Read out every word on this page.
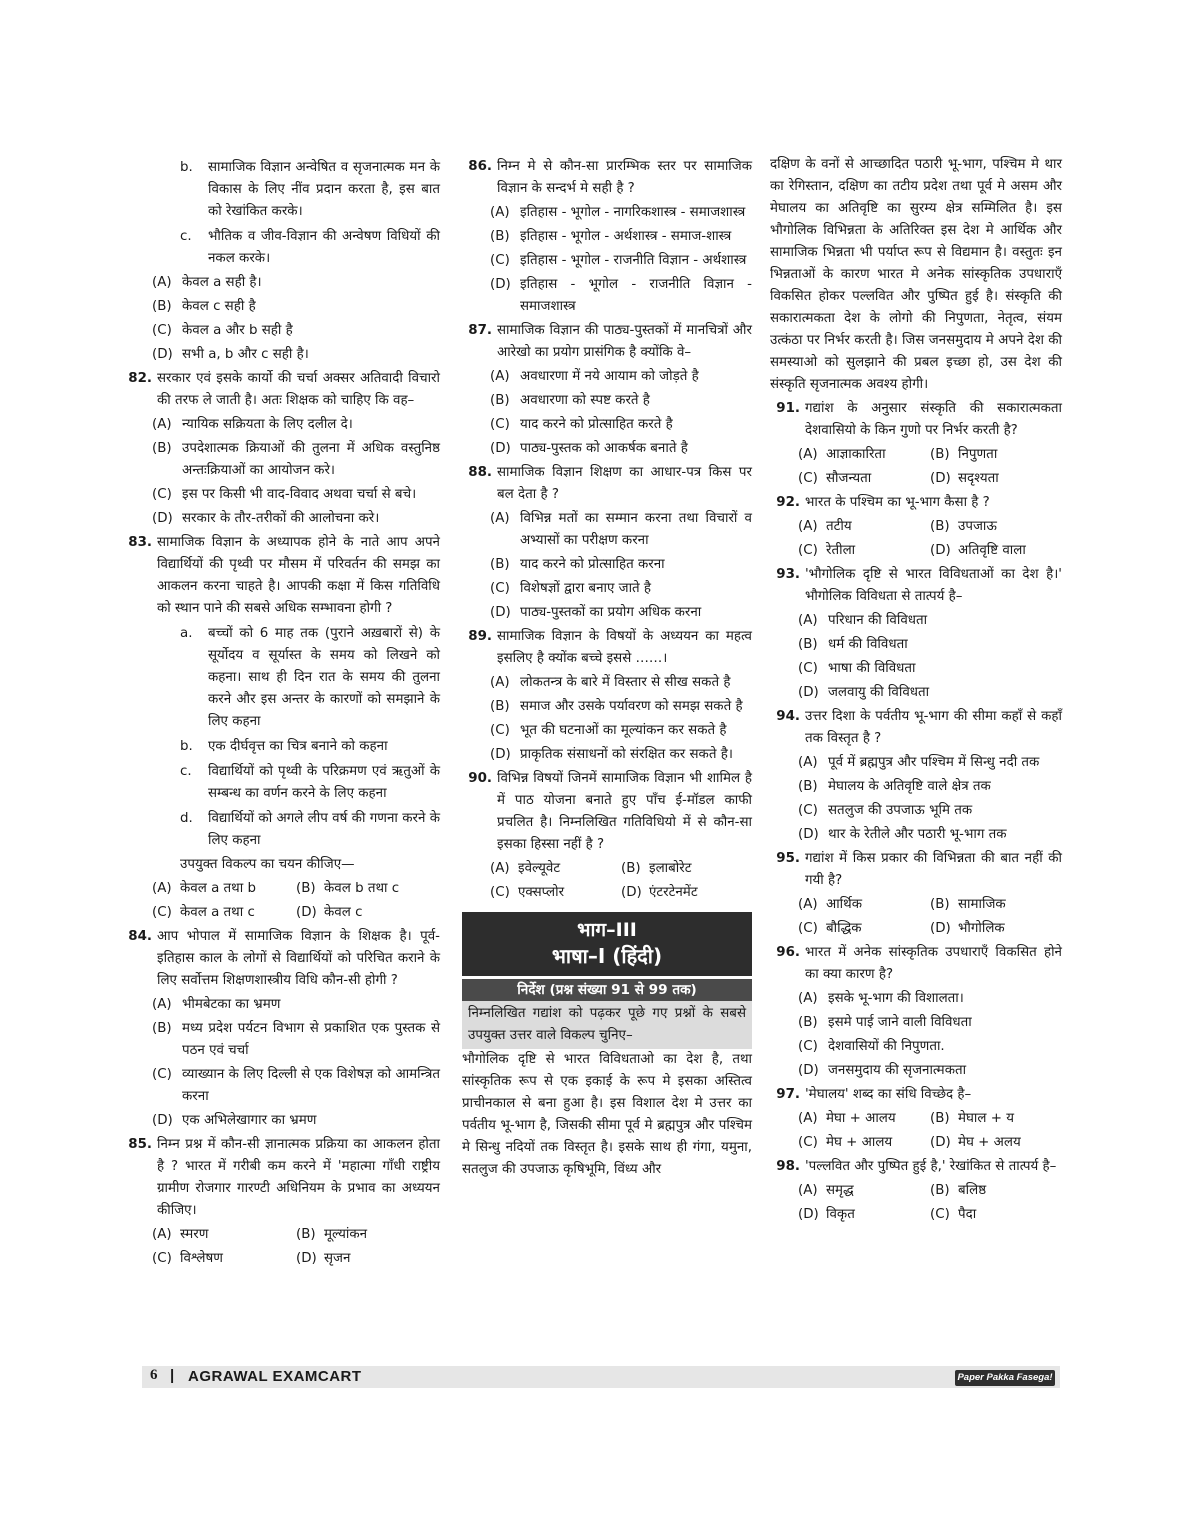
b.	सामाजिक विज्ञान अन्वेषित व सृजनात्मक मन के विकास के लिए नींव प्रदान करता है, इस बात को रेखांकित करके।
c.	भौतिक व जीव-विज्ञान की अन्वेषण विधियों की नकल करके।
(A) केवल a सही है।
(B) केवल c सही है
(C) केवल a और b सही है
(D) सभी a, b और c सही है।
82. सरकार एवं इसके कार्यो की चर्चा अक्सर अतिवादी विचारो की तरफ ले जाती है। अतः शिक्षक को चाहिए कि वह–
(A) न्यायिक सक्रियता के लिए दलील दे।
(B) उपदेशात्मक क्रियाओं की तुलना में अधिक वस्तुनिष्ठ अन्तःक्रियाओं का आयोजन करे।
(C) इस पर किसी भी वाद-विवाद अथवा चर्चा से बचे।
(D) सरकार के तौर-तरीकों की आलोचना करे।
83. सामाजिक विज्ञान के अध्यापक होने के नाते आप अपने विद्यार्थियों की पृथ्वी पर मौसम में परिवर्तन की समझ का आकलन करना चाहते है। आपकी कक्षा में किस गतिविधि को स्थान पाने की सबसे अधिक सम्भावना होगी ?
a.	बच्चों को 6 माह तक (पुराने अख़बारों से) के सूर्योदय व सूर्यास्त के समय को लिखने को कहना। साथ ही दिन रात के समय की तुलना करने और इस अन्तर के कारणों को समझाने के लिए कहना
b.	एक दीर्घवृत्त का चित्र बनाने को कहना
c.	विद्यार्थियों को पृथ्वी के परिक्रमण एवं ऋतुओं के सम्बन्ध का वर्णन करने के लिए कहना
d.	विद्यार्थियों को अगले लीप वर्ष की गणना करने के लिए कहना
उपयुक्त विकल्प का चयन कीजिए—
(A) केवल a तथा b	(B) केवल b तथा c
(C) केवल a तथा c	(D) केवल c
84. आप भोपाल में सामाजिक विज्ञान के शिक्षक है। पूर्व-इतिहास काल के लोगों से विद्यार्थियों को परिचित कराने के लिए सर्वोत्तम शिक्षणशास्त्रीय विधि कौन-सी होगी ?
(A) भीमबेटका का भ्रमण
(B) मध्य प्रदेश पर्यटन विभाग से प्रकाशित एक पुस्तक से पठन एवं चर्चा
(C) व्याख्यान के लिए दिल्ली से एक विशेषज्ञ को आमन्त्रित करना
(D) एक अभिलेखागार का भ्रमण
85. निम्न प्रश्न में कौन-सी ज्ञानात्मक प्रक्रिया का आकलन होता है ? भारत में गरीबी कम करने में 'महात्मा गाँधी राष्ट्रीय ग्रामीण रोजगार गारण्टी अधिनियम के प्रभाव का अध्ययन कीजिए।
(A) स्मरण	(B) मूल्यांकन
(C) विश्लेषण	(D) सृजन
86. निम्न मे से कौन-सा प्रारम्भिक स्तर पर सामाजिक विज्ञान के सन्दर्भ मे सही है ?
(A) इतिहास - भूगोल - नागरिकशास्त्र - समाजशास्त्र
(B) इतिहास - भूगोल - अर्थशास्त्र - समाज-शास्त्र
(C) इतिहास - भूगोल - राजनीति विज्ञान - अर्थशास्त्र
(D) इतिहास - भूगोल - राजनीति विज्ञान - समाजशास्त्र
87. सामाजिक विज्ञान की पाठ्य-पुस्तकों में मानचित्रों और आरेखो का प्रयोग प्रासंगिक है क्योंकि वे–
(A) अवधारणा में नये आयाम को जोड़ते है
(B) अवधारणा को स्पष्ट करते है
(C) याद करने को प्रोत्साहित करते है
(D) पाठ्य-पुस्तक को आकर्षक बनाते है
88. सामाजिक विज्ञान शिक्षण का आधार-पत्र किस पर बल देता है ?
(A) विभिन्न मतों का सम्मान करना तथा विचारों व अभ्यासों का परीक्षण करना
(B) याद करने को प्रोत्साहित करना
(C) विशेषज्ञों द्वारा बनाए जाते है
(D) पाठ्य-पुस्तकों का प्रयोग अधिक करना
89. सामाजिक विज्ञान के विषयों के अध्ययन का महत्व इसलिए है क्योंक बच्चे इससे ……।
(A) लोकतन्त्र के बारे में विस्तार से सीख सकते है
(B) समाज और उसके पर्यावरण को समझ सकते है
(C) भूत की घटनाओं का मूल्यांकन कर सकते है
(D) प्राकृतिक संसाधनों को संरक्षित कर सकते है।
90. विभिन्न विषयों जिनमें सामाजिक विज्ञान भी शामिल है में पाठ योजना बनाते हुए पाँच ई-मॉडल काफी प्रचलित है। निम्नलिखित गतिविधियो में से कौन-सा इसका हिस्सा नहीं है ?
(A) इवेल्यूवेट	(B) इलाबोरेट
(C) एक्सप्लोर	(D) एंटरटेनमेंट
भाग–III
भाषा–I (हिंदी)
निर्देश (प्रश्न संख्या 91 से 99 तक)
निम्नलिखित गद्यांश को पढ़कर पूछे गए प्रश्नों के सबसे उपयुक्त उत्तर वाले विकल्प चुनिए–
भौगोलिक दृष्टि से भारत विविधताओ का देश है, तथा सांस्कृतिक रूप से एक इकाई के रूप मे इसका अस्तित्व प्राचीनकाल से बना हुआ है। इस विशाल देश मे उत्तर का पर्वतीय भू-भाग है, जिसकी सीमा पूर्व मे ब्रह्मपुत्र और पश्चिम मे सिन्धु नदियों तक विस्तृत है। इसके साथ ही गंगा, यमुना, सतलुज की उपजाऊ कृषिभूमि, विंध्य और
दक्षिण के वनों से आच्छादित पठारी भू-भाग, पश्चिम मे थार का रेगिस्तान, दक्षिण का तटीय प्रदेश तथा पूर्व मे असम और मेघालय का अतिवृष्टि का सुरम्य क्षेत्र सम्मिलित है। इस भौगोलिक विभिन्नता के अतिरिक्त इस देश मे आर्थिक और सामाजिक भिन्नता भी पर्याप्त रूप से विद्यमान है। वस्तुतः इन भिन्नताओं के कारण भारत मे अनेक सांस्कृतिक उपधाराएँ विकसित होकर पल्लवित और पुष्पित हुई है। संस्कृति की सकारात्मकता देश के लोगो की निपुणता, नेतृत्व, संयम उत्कंठा पर निर्भर करती है। जिस जनसमुदाय मे अपने देश की समस्याओ को सुलझाने की प्रबल इच्छा हो, उस देश की संस्कृति सृजनात्मक अवश्य होगी।
91. गद्यांश के अनुसार संस्कृति की सकारात्मकता देशवासियो के किन गुणो पर निर्भर करती है?
(A) आज्ञाकारिता	(B) निपुणता
(C) सौजन्यता	(D) सदृश्यता
92. भारत के पश्चिम का भू-भाग कैसा है ?
(A) तटीय	(B) उपजाऊ
(C) रेतीला	(D) अतिवृष्टि वाला
93. 'भौगोलिक दृष्टि से भारत विविधताओं का देश है।' भौगोलिक विविधता से तात्पर्य है–
(A) परिधान की विविधता
(B) धर्म की विविधता
(C) भाषा की विविधता
(D) जलवायु की विविधता
94. उत्तर दिशा के पर्वतीय भू-भाग की सीमा कहाँ से कहाँ तक विस्तृत है ?
(A) पूर्व में ब्रह्मपुत्र और पश्चिम में सिन्धु नदी तक
(B) मेघालय के अतिवृष्टि वाले क्षेत्र तक
(C) सतलुज की उपजाऊ भूमि तक
(D) थार के रेतीले और पठारी भू-भाग तक
95. गद्यांश में किस प्रकार की विभिन्नता की बात नहीं की गयी है?
(A) आर्थिक	(B) सामाजिक
(C) बौद्धिक	(D) भौगोलिक
96. भारत में अनेक सांस्कृतिक उपधाराएँ विकसित होने का क्या कारण है?
(A) इसके भू-भाग की विशालता।
(B) इसमे पाई जाने वाली विविधता
(C) देशवासियों की निपुणता.
(D) जनसमुदाय की सृजनात्मकता
97. 'मेघालय' शब्द का संधि विच्छेद है–
(A) मेघा + आलय	(B) मेघाल + य
(C) मेघ + आलय	(D) मेघ + अलय
98. 'पल्लवित और पुष्पित हुई है,' रेखांकित से तात्पर्य है–
(A) समृद्ध	(B) बलिष्ठ
(D) विकृत	(C) पैदा
6 | AGRAWAL EXAMCART	Paper Pakka Fasega!
